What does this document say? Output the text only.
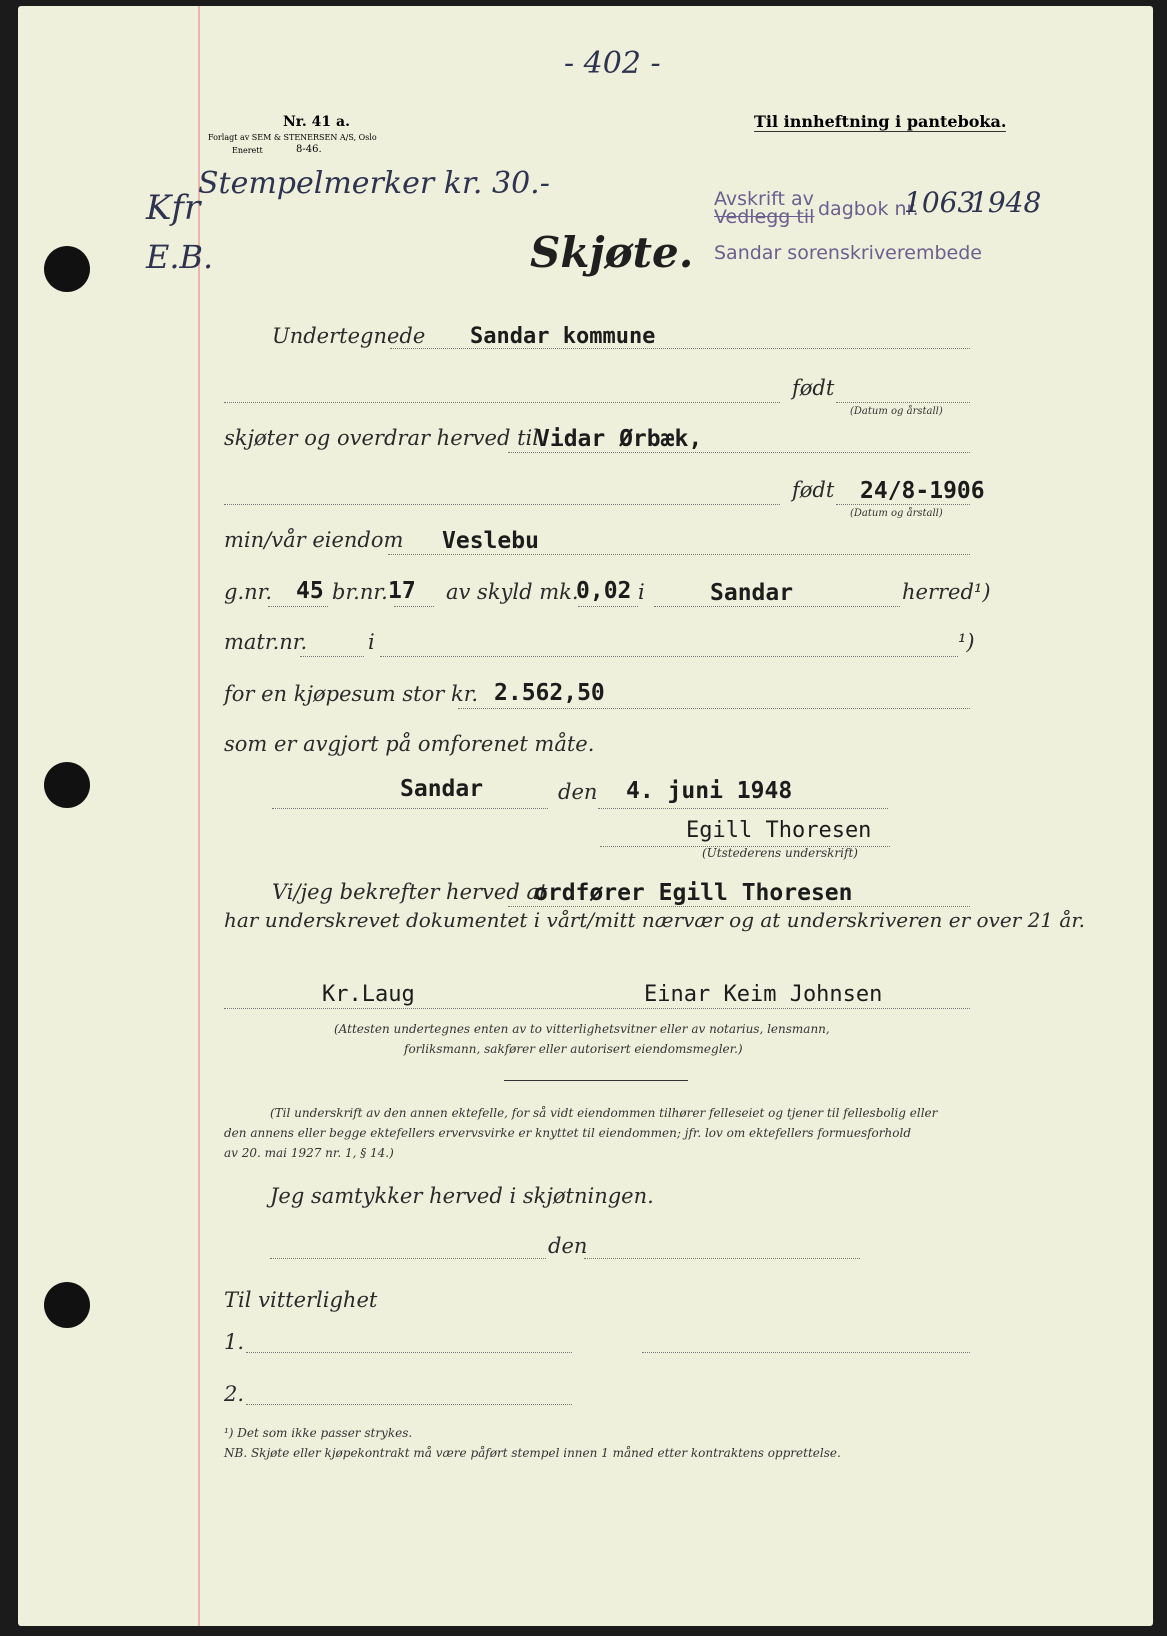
- 402 -
Nr. 41 a.
Forlagt av SEM & STENERSEN A/S, Oslo
Enerett	8-46.
Til innheftning i panteboka.
Stempelmerker kr. 30.-
Kfr
E.B.
Avskrift av
Vedlegg til dagbok nr.
1063
1948
Sandar sorenskriverembede
Skjøte.
Undertegnede Sandar kommune
født
(Datum og årstall)
skjøter og overdrar herved til
Vidar Ørbæk,
født 24/8-1906
(Datum og årstall)
min/vår eiendom Veslebu
g.nr. 45 br.nr. 17 av skyld mk.
0,02 i	Sandar	herred¹)
matr.nr.	i	¹)
for en kjøpesum stor kr. 2.562,50
som er avgjort på omforenet måte.
Sandar	den 4. juni 1948
Egill Thoresen
(Utstederens underskrift)
Vi/jeg bekrefter herved at
ordfører Egill Thoresen
har underskrevet dokumentet i vårt/mitt nærvær og at underskriveren er over 21 år.
Kr.Laug	Einar Keim Johnsen
(Attesten undertegnes enten av to vitterlighetsvitner eller av notarius, lensmann,
forliksmann, sakfører eller autorisert eiendomsmegler.)
(Til underskrift av den annen ektefelle, for så vidt eiendommen tilhører felleseiet og tjener til fellesbolig eller
den annens eller begge ektefellers ervervsvirke er knyttet til eiendommen; jfr. lov om ektefellers formuesforhold
av 20. mai 1927 nr. 1, § 14.)
Jeg samtykker herved i skjøtningen.
den
Til vitterlighet
1.
2.
¹) Det som ikke passer strykes.
NB. Skjøte eller kjøpekontrakt må være påført stempel innen 1 måned etter kontraktens opprettelse.
